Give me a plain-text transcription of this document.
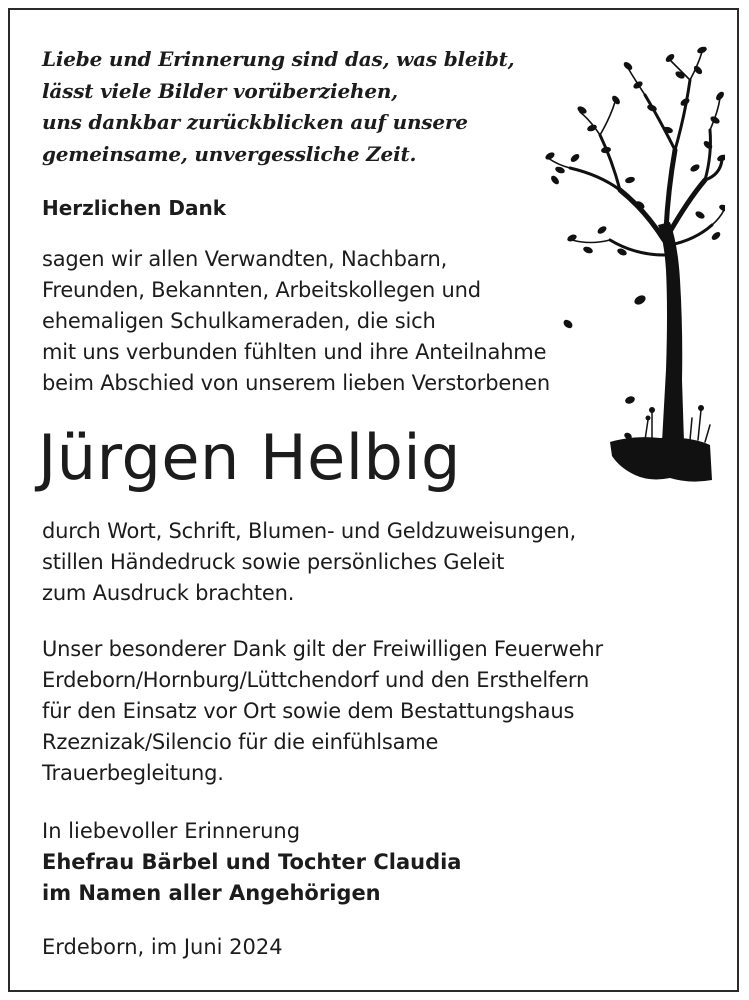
Liebe und Erinnerung sind das, was bleibt,
lässt viele Bilder vorüberziehen,
uns dankbar zurückblicken auf unsere
gemeinsame, unvergessliche Zeit.
Herzlichen Dank
sagen wir allen Verwandten, Nachbarn,
Freunden, Bekannten, Arbeitskollegen und
ehemaligen Schulkameraden, die sich
mit uns verbunden fühlten und ihre Anteilnahme
beim Abschied von unserem lieben Verstorbenen
Jürgen Helbig
durch Wort, Schrift, Blumen- und Geldzuweisungen,
stillen Händedruck sowie persönliches Geleit
zum Ausdruck brachten.
Unser besonderer Dank gilt der Freiwilligen Feuerwehr
Erdeborn/Hornburg/Lüttchendorf und den Ersthelfern
für den Einsatz vor Ort sowie dem Bestattungshaus
Rzeznizak/Silencio für die einfühlsame
Trauerbegleitung.
In liebevoller Erinnerung
Ehefrau Bärbel und Tochter Claudia
im Namen aller Angehörigen
Erdeborn, im Juni 2024
